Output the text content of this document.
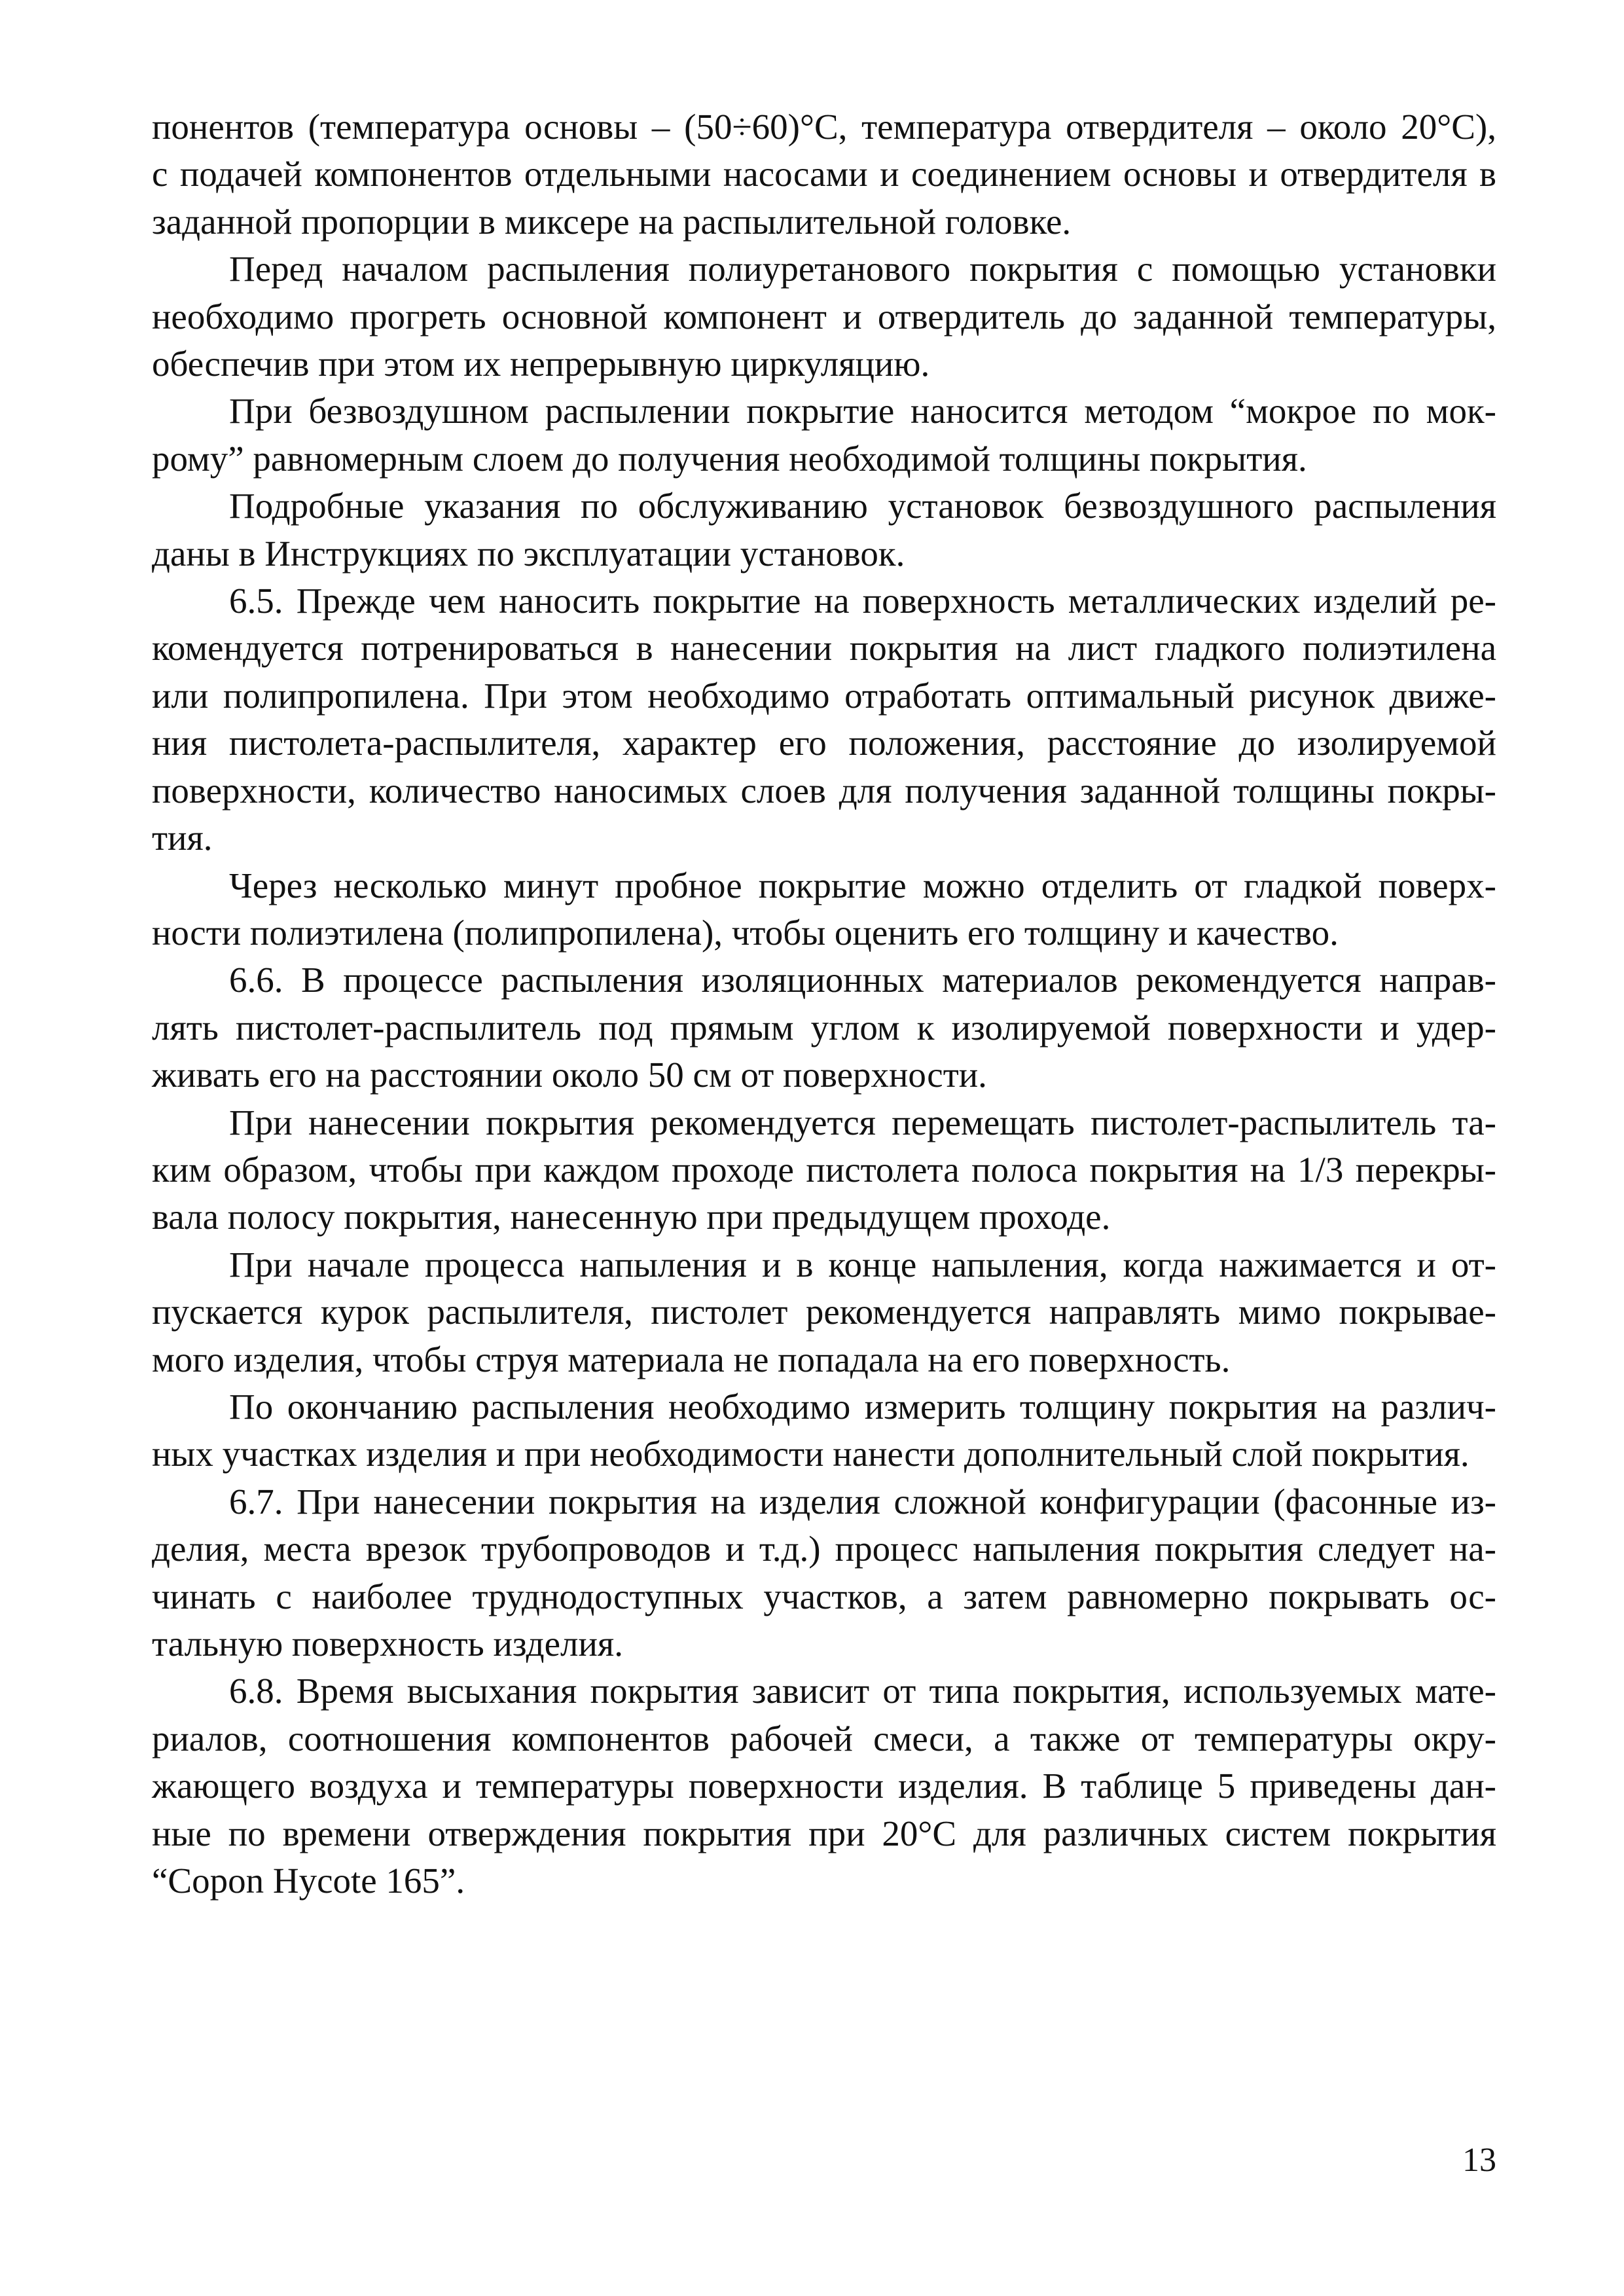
понентов (температура основы – (50÷60)°С, температура отвердителя – около 20°С),
с подачей компонентов отдельными насосами и соединением основы и отвердителя в
заданной пропорции в миксере на распылительной головке.

Перед началом распыления полиуретанового покрытия с помощью установки
необходимо прогреть основной компонент и отвердитель до заданной температуры,
обеспечив при этом их непрерывную циркуляцию.

При безвоздушном распылении покрытие наносится методом “мокрое по мок-
рому” равномерным слоем до получения необходимой толщины покрытия.

Подробные указания по обслуживанию установок безвоздушного распыления
даны в Инструкциях по эксплуатации установок.

6.5. Прежде чем наносить покрытие на поверхность металлических изделий ре-
комендуется потренироваться в нанесении покрытия на лист гладкого полиэтилена
или полипропилена. При этом необходимо отработать оптимальный рисунок движе-
ния пистолета-распылителя, характер его положения, расстояние до изолируемой
поверхности, количество наносимых слоев для получения заданной толщины покры-
тия.

Через несколько минут пробное покрытие можно отделить от гладкой поверх-
ности полиэтилена (полипропилена), чтобы оценить его толщину и качество.

6.6. В процессе распыления изоляционных материалов рекомендуется направ-
лять пистолет-распылитель под прямым углом к изолируемой поверхности и удер-
живать его на расстоянии около 50 см от поверхности.

При нанесении покрытия рекомендуется перемещать пистолет-распылитель та-
ким образом, чтобы при каждом проходе пистолета полоса покрытия на 1/3 перекры-
вала полосу покрытия, нанесенную при предыдущем проходе.

При начале процесса напыления и в конце напыления, когда нажимается и от-
пускается курок распылителя, пистолет рекомендуется направлять мимо покрывае-
мого изделия, чтобы струя материала не попадала на его поверхность.

По окончанию распыления необходимо измерить толщину покрытия на различ-
ных участках изделия и при необходимости нанести дополнительный слой покрытия.

6.7. При нанесении покрытия на изделия сложной конфигурации (фасонные из-
делия, места врезок трубопроводов и т.д.) процесс напыления покрытия следует на-
чинать с наиболее труднодоступных участков, а затем равномерно покрывать ос-
тальную поверхность изделия.

6.8. Время высыхания покрытия зависит от типа покрытия, используемых мате-
риалов, соотношения компонентов рабочей смеси, а также от температуры окру-
жающего воздуха и температуры поверхности изделия. В таблице 5 приведены дан-
ные по времени отверждения покрытия при 20°С для различных систем покрытия
“Copon Hycote 165”.

13
